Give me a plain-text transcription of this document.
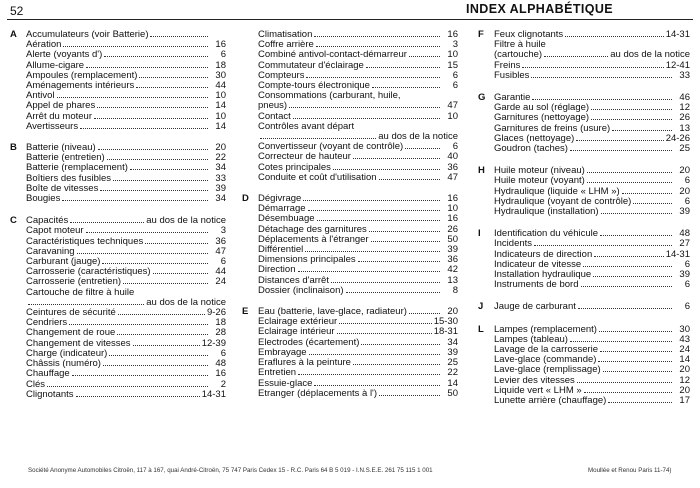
52	INDEX ALPHABÉTIQUE
A Accumulateurs (voir Batterie)
Aération	16
Alerte (voyants d')	6
Allume-cigare	18
Ampoules (remplacement)	30
Aménagements intérieurs	44
Antivol	10
Appel de phares	14
Arrêt du moteur	10
Avertisseurs	14
B Batterie (niveau)	20
Batterie (entretien)	22
Batterie (remplacement)	34
Boîtiers des fusibles	33
Boîte de vitesses	39
Bougies	34
C Capacités	au dos de la notice
Capot moteur	3
Caractéristiques techniques	36
Caravaning	47
Carburant (jauge)	6
Carrosserie (caractéristiques)	44
Carrosserie (entretien)	24
Cartouche de filtre à huile
au dos de la notice
Ceintures de sécurité	9-26
Cendriers	18
Changement de roue	28
Changement de vitesses	12-39
Charge (indicateur)	6
Châssis (numéro)	48
Chauffage	16
Clés	2
Clignotants	14-31
Climatisation	16
Coffre arrière	3
Combiné antivol-contact-démarreur	10
Commutateur d'éclairage	15
Compteurs	6
Compte-tours électronique	6
Consommations (carburant, huile,
pneus)	47
Contact	10
Contrôles avant départ
au dos de la notice
Convertisseur (voyant de contrôle)	6
Correcteur de hauteur	40
Cotes principales	36
Conduite et coût d'utilisation	47
D Dégivrage	16
Démarrage	10
Désembuage	16
Détachage des garnitures	26
Déplacements à l'étranger	50
Différentiel	39
Dimensions principales	36
Direction	42
Distances d'arrêt	13
Dossier (inclinaison)	8
E	Eau (batterie, lave-glace, radiateur)	20
Éclairage extérieur	15-30
Éclairage intérieur	18-31
Électrodes (écartement)	34
Embrayage	39
Éraflures à la peinture	25
Entretien	22
Essuie-glace	14
Étranger (déplacements à l')	50
F	Feux clignotants	14-31
Filtre à huile
(cartouche)	au dos de la notice
Freins	12-41
Fusibles	33
G Garantie	46
Garde au sol (réglage)	12
Garnitures (nettoyage)	26
Garnitures de freins (usure)	13
Glaces (nettoyage)	24-26
Goudron (taches)	25
H Huile moteur (niveau)	20
Huile moteur (voyant)	6
Hydraulique (liquide « LHM »)	20
Hydraulique (voyant de contrôle)	6
Hydraulique (installation)	39
I	Identification du véhicule	48
Incidents	27
Indicateurs de direction	14-31
Indicateur de vitesse	6
Installation hydraulique	39
Instruments de bord	6
J	Jauge de carburant	6
L	Lampes (remplacement)	30
Lampes (tableau)	43
Lavage de la carrosserie	24
Lave-glace (commande)	14
Lave-glace (remplissage)	20
Levier des vitesses	12
Liquide vert « LHM »	20
Lunette arrière (chauffage)	17
Société Anonyme Automobiles Citroën, 117 à 167, quai André-Citroën, 75 747 Paris Cedex 15 - R.C. Paris 64 B 5 019 - I.N.S.E.E. 261 75 115 1 001	Moullée et Renou Paris 11-74)
